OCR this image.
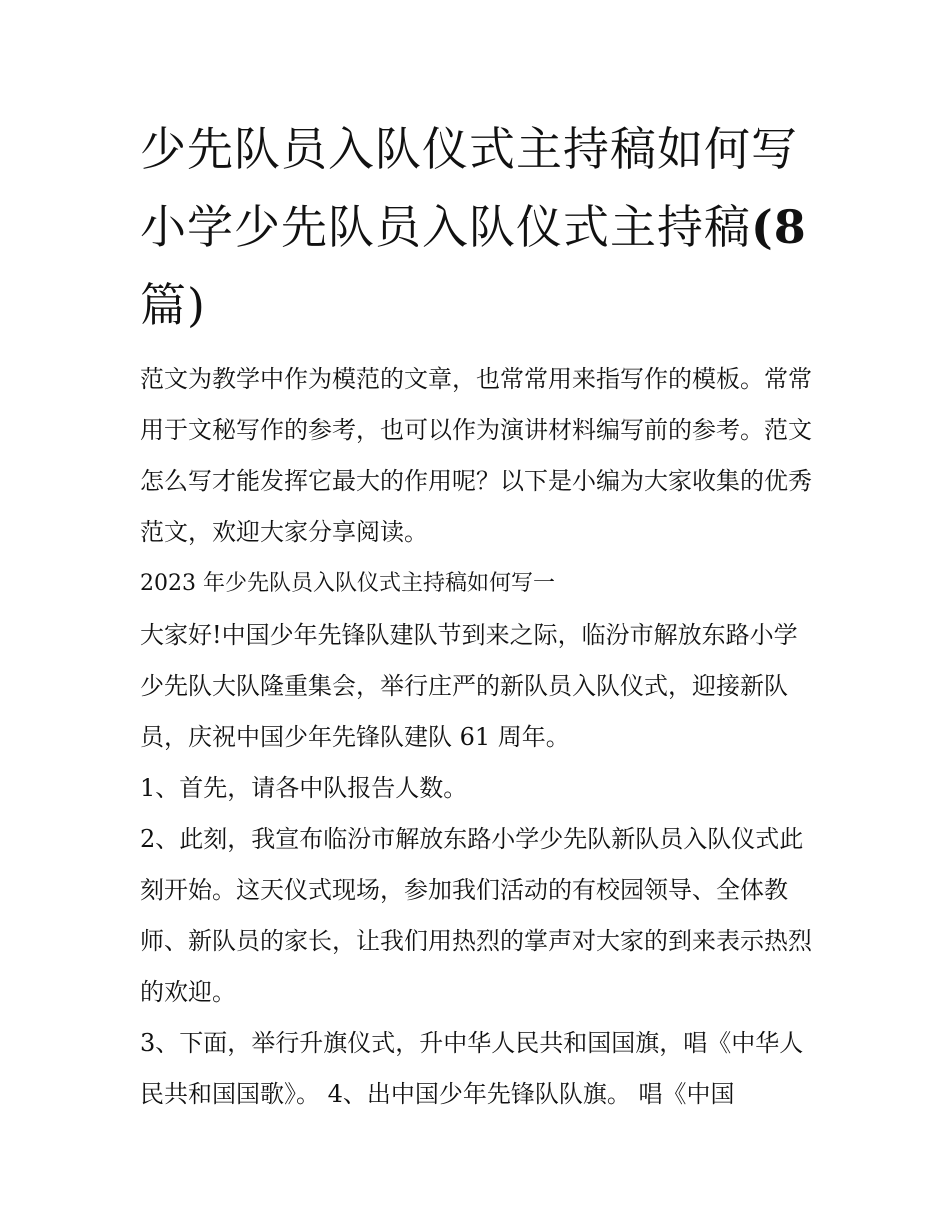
少先队员入队仪式主持稿如何写 小学少先队员入队仪式主持稿(8 篇)

范文为教学中作为模范的文章，也常常用来指写作的模板。常常用于文秘写作的参考，也可以作为演讲材料编写前的参考。范文怎么写才能发挥它最大的作用呢？以下是小编为大家收集的优秀范文，欢迎大家分享阅读。

2023 年少先队员入队仪式主持稿如何写一

大家好!中国少年先锋队建队节到来之际，临汾市解放东路小学少先队大队隆重集会，举行庄严的新队员入队仪式，迎接新队员，庆祝中国少年先锋队建队 61 周年。

1、首先，请各中队报告人数。

2、此刻，我宣布临汾市解放东路小学少先队新队员入队仪式此刻开始。这天仪式现场，参加我们活动的有校园领导、全体教师、新队员的家长，让我们用热烈的掌声对大家的到来表示热烈的欢迎。

3、下面，举行升旗仪式，升中华人民共和国国旗，唱《中华人民共和国国歌》。 4、出中国少年先锋队队旗。 唱《中国
